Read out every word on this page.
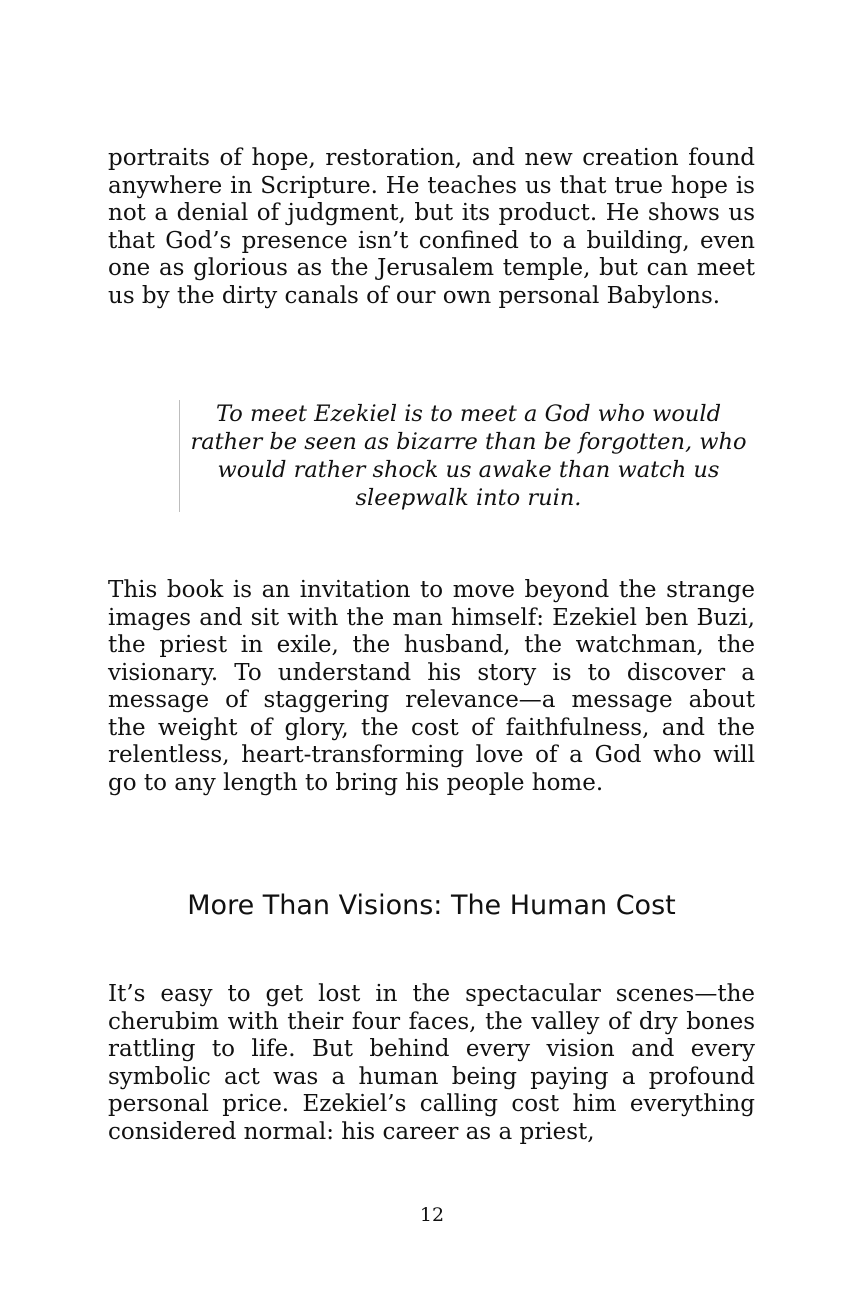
portraits of hope, restoration, and new creation found anywhere in Scripture. He teaches us that true hope is not a denial of judgment, but its product. He shows us that God’s presence isn’t confined to a building, even one as glorious as the Jerusalem temple, but can meet us by the dirty canals of our own personal Babylons.

To meet Ezekiel is to meet a God who would rather be seen as bizarre than be forgotten, who would rather shock us awake than watch us sleepwalk into ruin.

This book is an invitation to move beyond the strange images and sit with the man himself: Ezekiel ben Buzi, the priest in exile, the husband, the watchman, the visionary. To understand his story is to discover a message of staggering relevance—a message about the weight of glory, the cost of faithfulness, and the relentless, heart-transforming love of a God who will go to any length to bring his people home.

More Than Visions: The Human Cost

It’s easy to get lost in the spectacular scenes—the cherubim with their four faces, the valley of dry bones rattling to life. But behind every vision and every symbolic act was a human being paying a profound personal price. Ezekiel’s calling cost him everything considered normal: his career as a priest,

12
